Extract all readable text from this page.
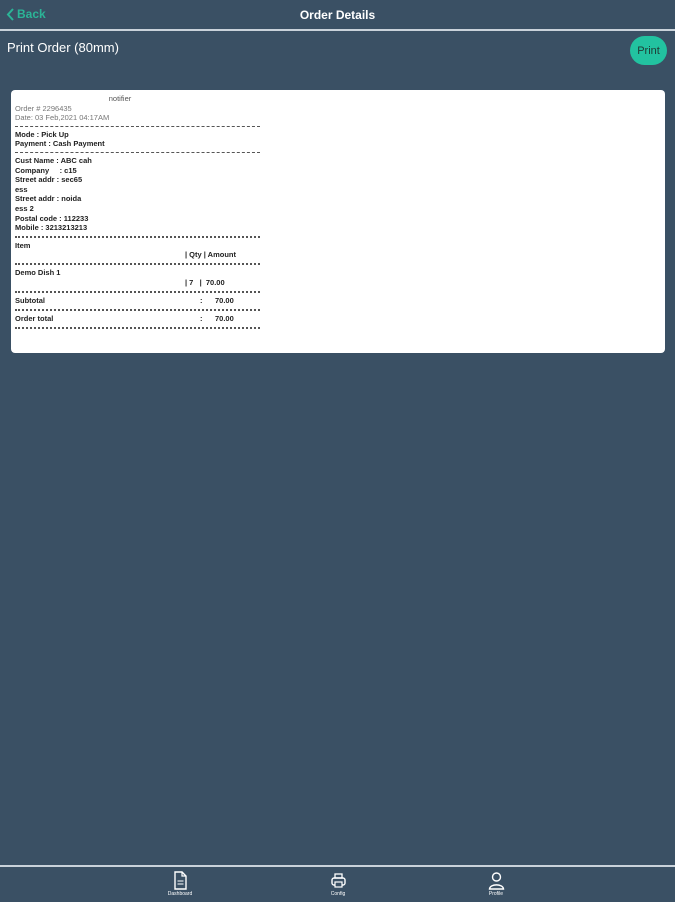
Back	Order Details
Print Order (80mm)	Print
notifier
Order # 2296435
Date: 03 Feb,2021 04:17AM
Mode : Pick Up
Payment : Cash Payment
Cust Name : ABC cah
Company     : c15
Street addr : sec65
ess
Street addr : noida
ess 2
Postal code : 112233
Mobile : 3213213213
Item
| Qty | Amount
Demo Dish 1
| 7   |  70.00
Subtotal	:      70.00
Order total	:      70.00
Dashboard	Config	Profile
